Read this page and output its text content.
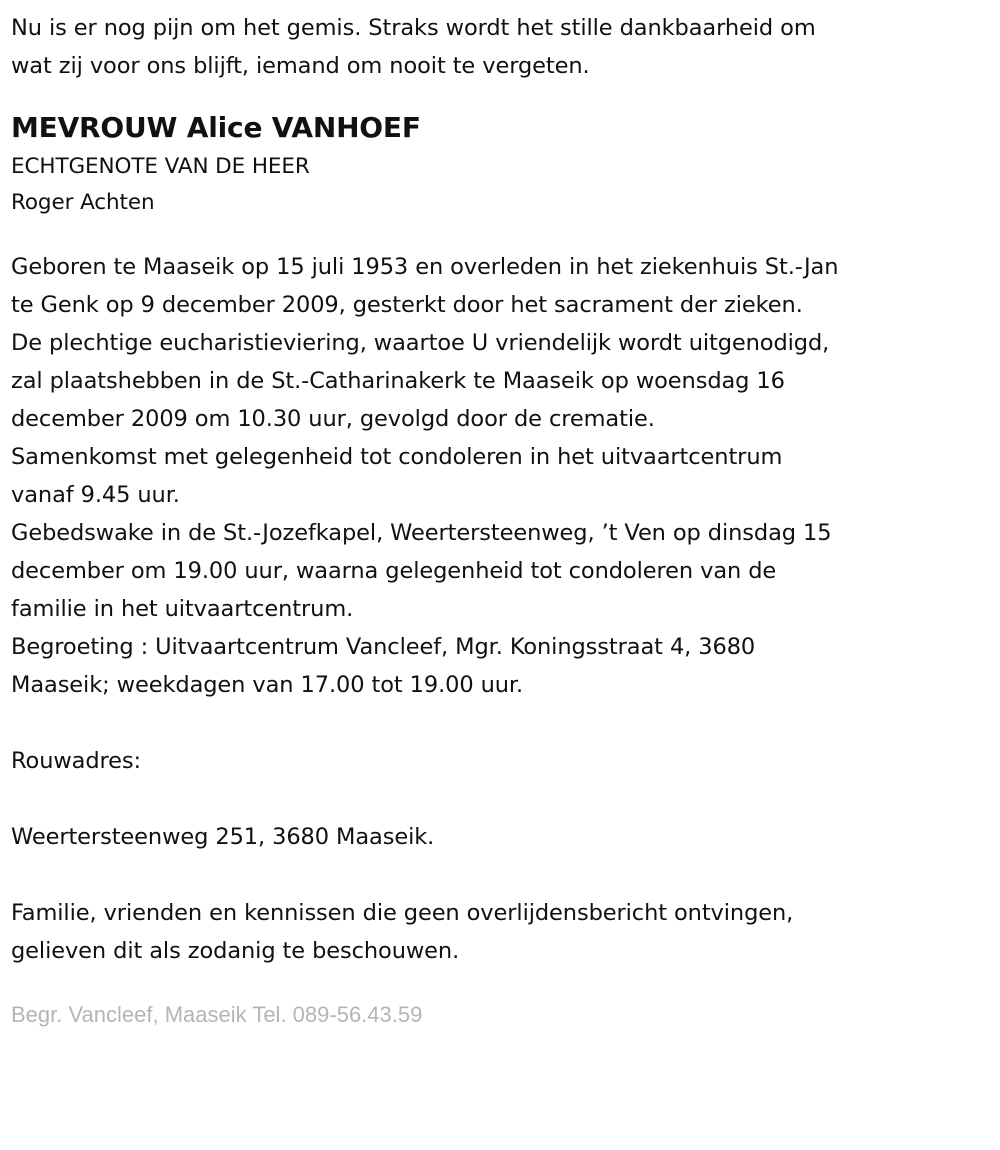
Nu is er nog pijn om het gemis. Straks wordt het stille dankbaarheid om
wat zij voor ons blijft, iemand om nooit te vergeten.
MEVROUW Alice VANHOEF
ECHTGENOTE VAN DE HEER
Roger Achten
Geboren te Maaseik op 15 juli 1953 en overleden in het ziekenhuis St.-Jan
te Genk op 9 december 2009, gesterkt door het sacrament der zieken.
De plechtige eucharistieviering, waartoe U vriendelijk wordt uitgenodigd,
zal plaatshebben in de St.-Catharinakerk te Maaseik op woensdag 16
december 2009 om 10.30 uur, gevolgd door de crematie.
Samenkomst met gelegenheid tot condoleren in het uitvaartcentrum
vanaf 9.45 uur.
Gebedswake in de St.-Jozefkapel, Weertersteenweg, ’t Ven op dinsdag 15
december om 19.00 uur, waarna gelegenheid tot condoleren van de
familie in het uitvaartcentrum.
Begroeting : Uitvaartcentrum Vancleef, Mgr. Koningsstraat 4, 3680
Maaseik; weekdagen van 17.00 tot 19.00 uur.
Rouwadres:
Weertersteenweg 251, 3680 Maaseik.
Familie, vrienden en kennissen die geen overlijdensbericht ontvingen,
gelieven dit als zodanig te beschouwen.
Begr. Vancleef, Maaseik Tel. 089-56.43.59
